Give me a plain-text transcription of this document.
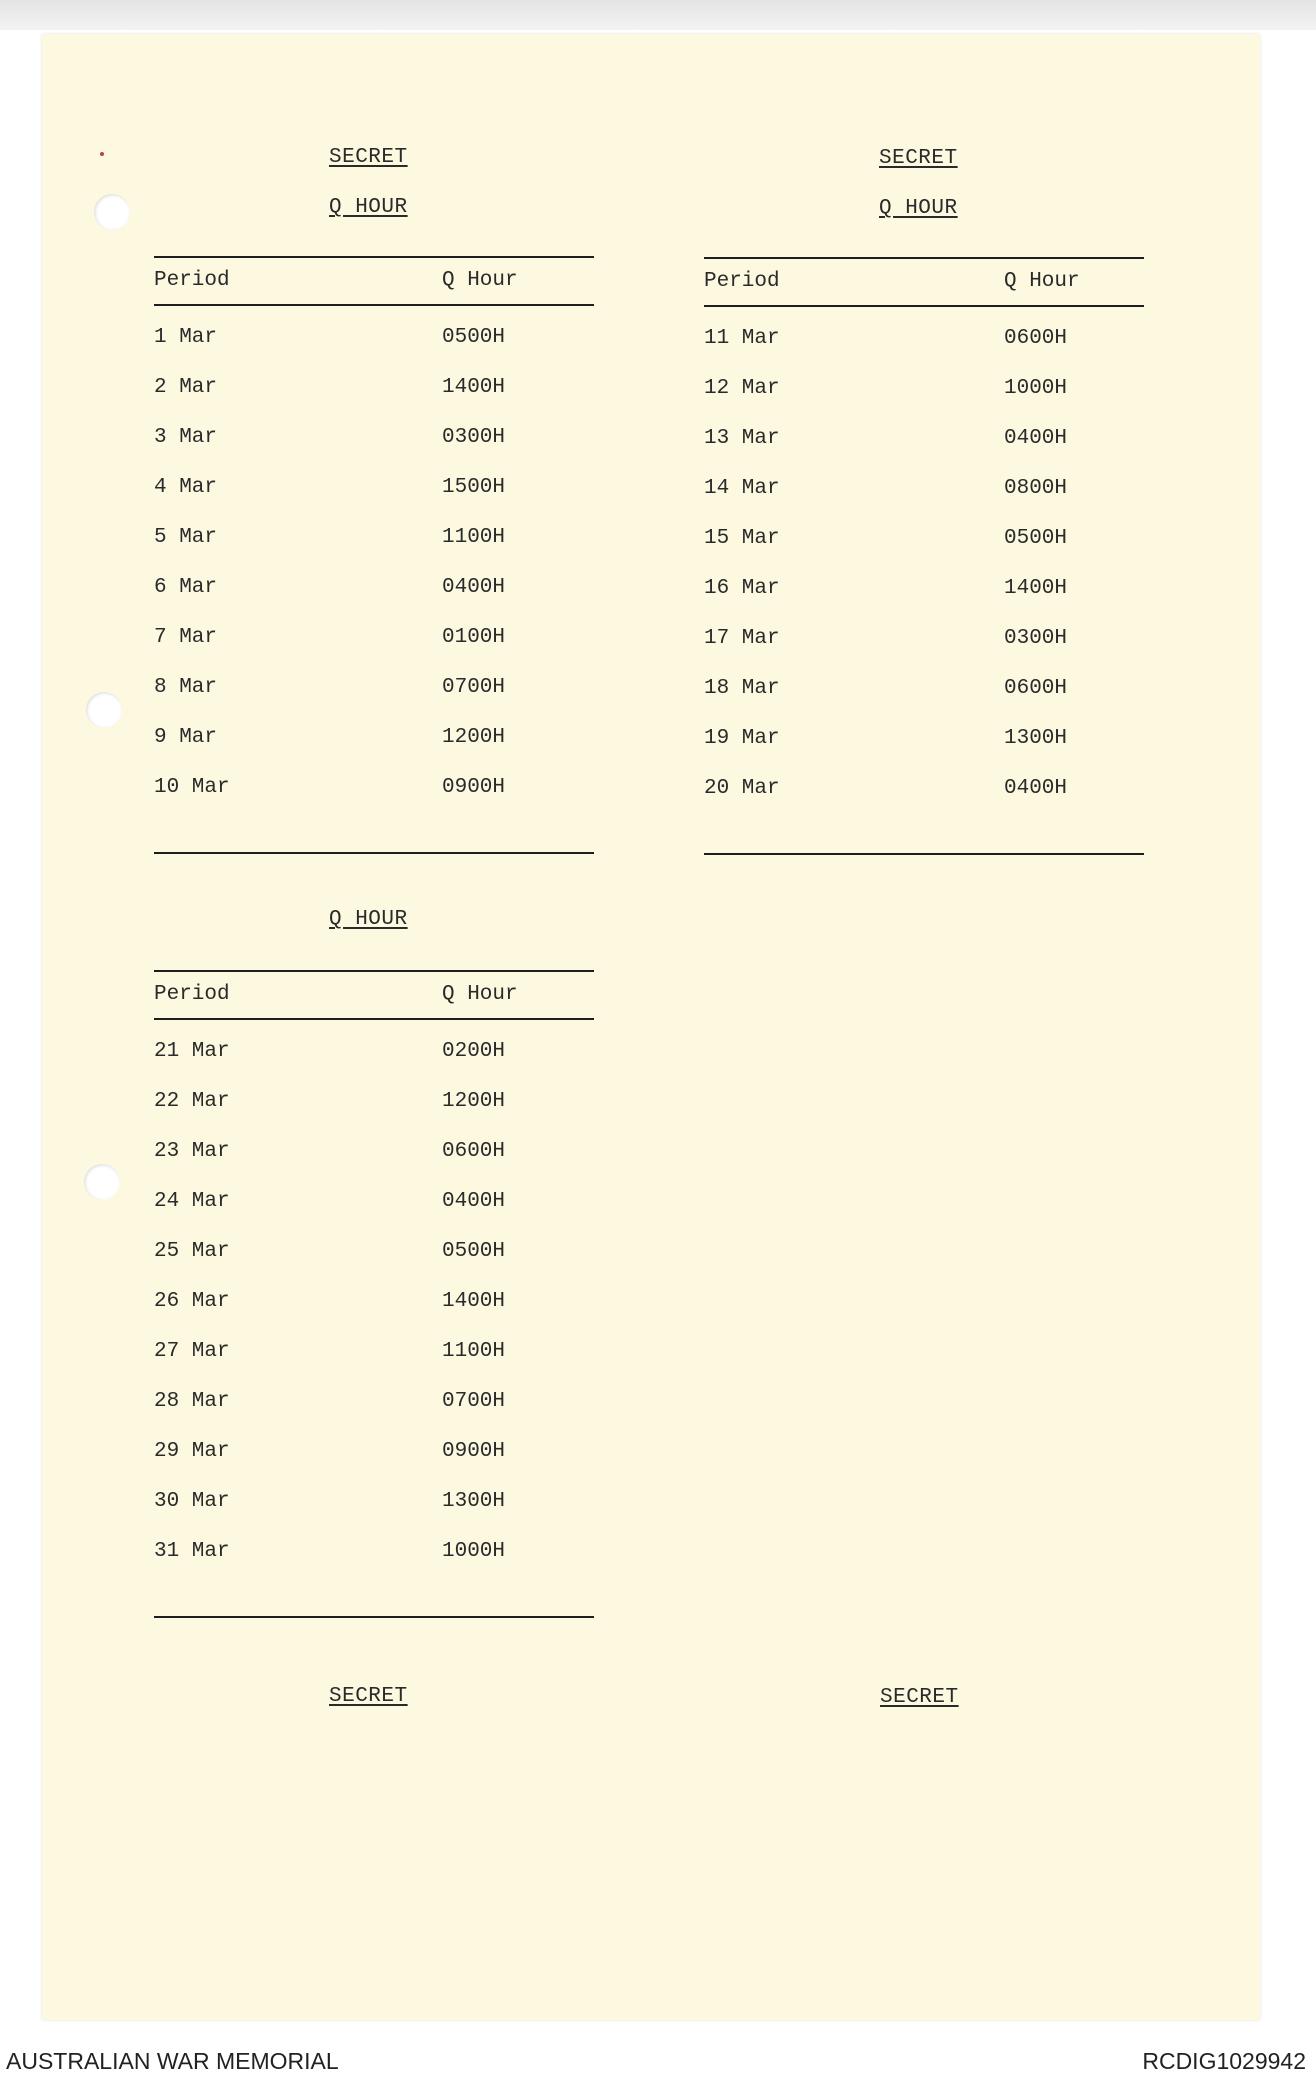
SECRET
Q HOUR
SECRET
Q HOUR
Period	Q Hour
1 Mar	0500H
2 Mar	1400H
3 Mar	0300H
4 Mar	1500H
5 Mar	1100H
6 Mar	0400H
7 Mar	0100H
8 Mar	0700H
9 Mar	1200H
10 Mar	0900H
Period	Q Hour
11 Mar	0600H
12 Mar	1000H
13 Mar	0400H
14 Mar	0800H
15 Mar	0500H
16 Mar	1400H
17 Mar	0300H
18 Mar	0600H
19 Mar	1300H
20 Mar	0400H
Q HOUR
Period	Q Hour
21 Mar	0200H
22 Mar	1200H
23 Mar	0600H
24 Mar	0400H
25 Mar	0500H
26 Mar	1400H
27 Mar	1100H
28 Mar	0700H
29 Mar	0900H
30 Mar	1300H
31 Mar	1000H
SECRET	SECRET
AUSTRALIAN WAR MEMORIAL	RCDIG1029942
